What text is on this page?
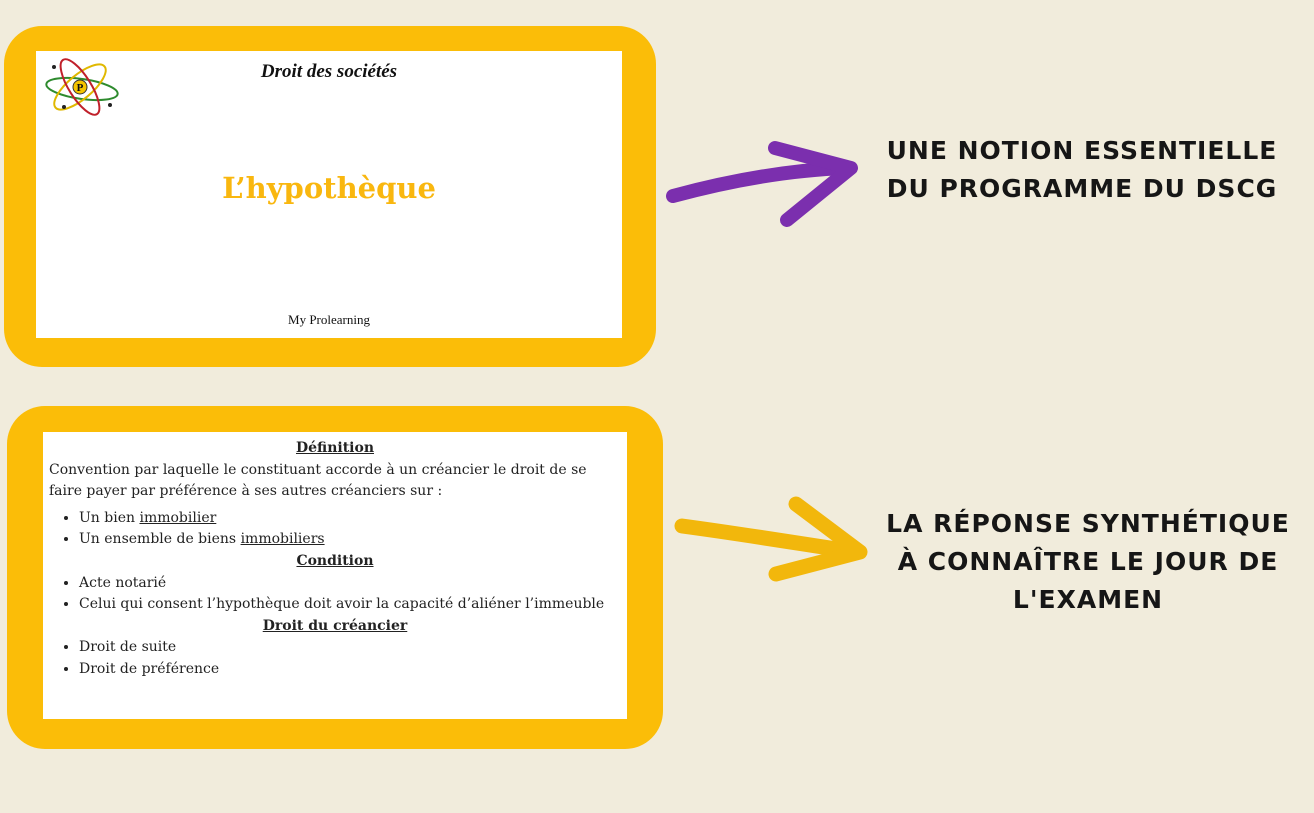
P
Droit des sociétés
L’hypothèque
My Prolearning
UNE NOTION ESSENTIELLE DU PROGRAMME DU DSCG
Définition

Convention par laquelle le constituant accorde à un créancier le droit de se faire payer par préférence à ses autres créanciers sur :

• Un bien immobilier
• Un ensemble de biens immobiliers
Condition
• Acte notarié
• Celui qui consent l’hypothèque doit avoir la capacité d’aliéner l’immeuble
Droit du créancier
• Droit de suite
• Droit de préférence
LA RÉPONSE SYNTHÉTIQUE À CONNAÎTRE LE JOUR DE L'EXAMEN
